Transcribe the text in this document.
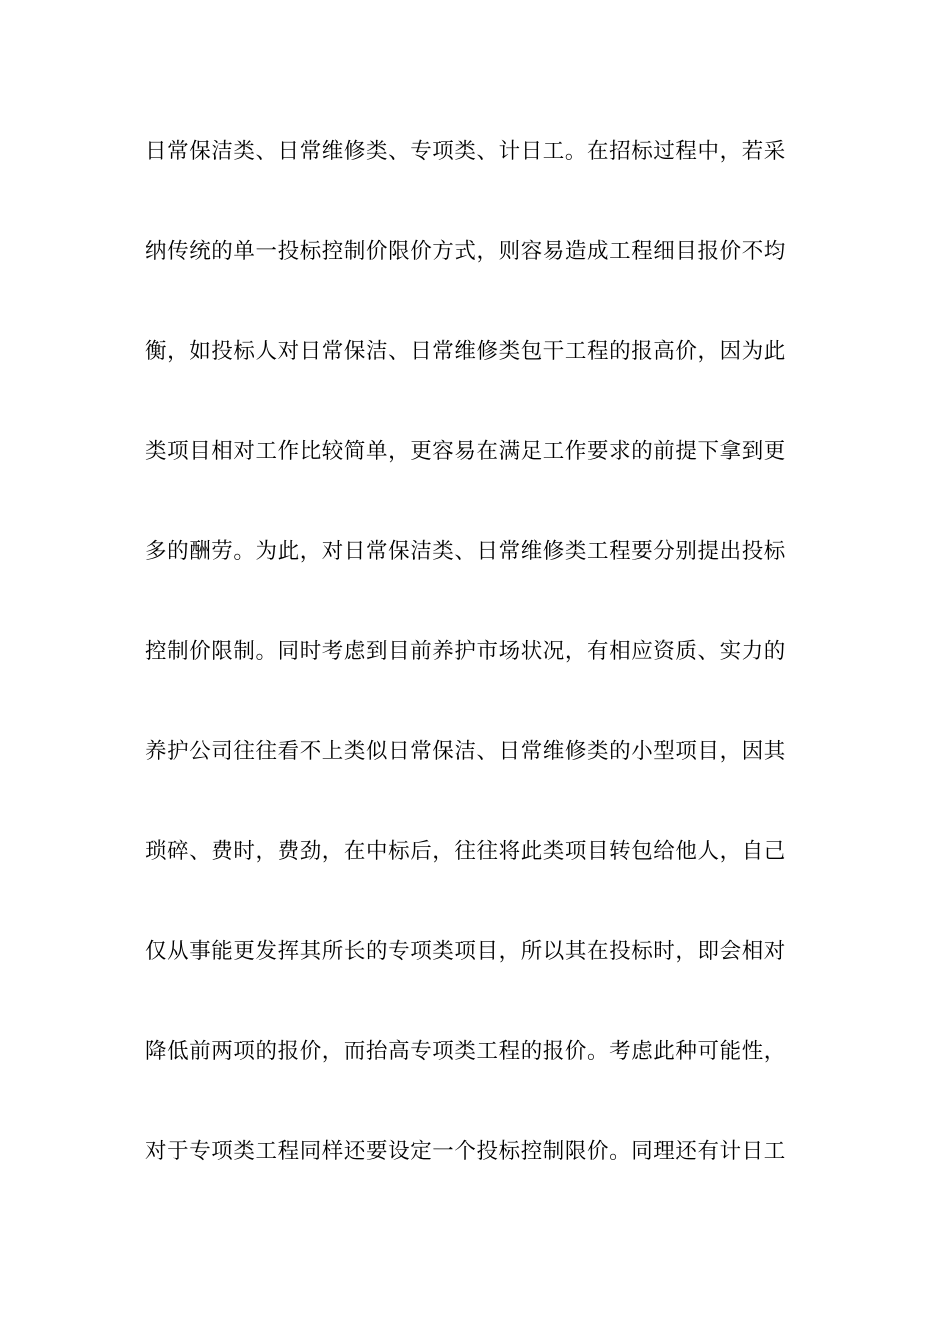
日常保洁类、日常维修类、专项类、计日工。在招标过程中，若采
纳传统的单一投标控制价限价方式，则容易造成工程细目报价不均
衡，如投标人对日常保洁、日常维修类包干工程的报高价，因为此
类项目相对工作比较简单，更容易在满足工作要求的前提下拿到更
多的酬劳。为此，对日常保洁类、日常维修类工程要分别提出投标
控制价限制。同时考虑到目前养护市场状况，有相应资质、实力的
养护公司往往看不上类似日常保洁、日常维修类的小型项目，因其
琐碎、费时，费劲，在中标后，往往将此类项目转包给他人，自己
仅从事能更发挥其所长的专项类项目，所以其在投标时，即会相对
降低前两项的报价，而抬高专项类工程的报价。考虑此种可能性，
对于专项类工程同样还要设定一个投标控制限价。同理还有计日工
